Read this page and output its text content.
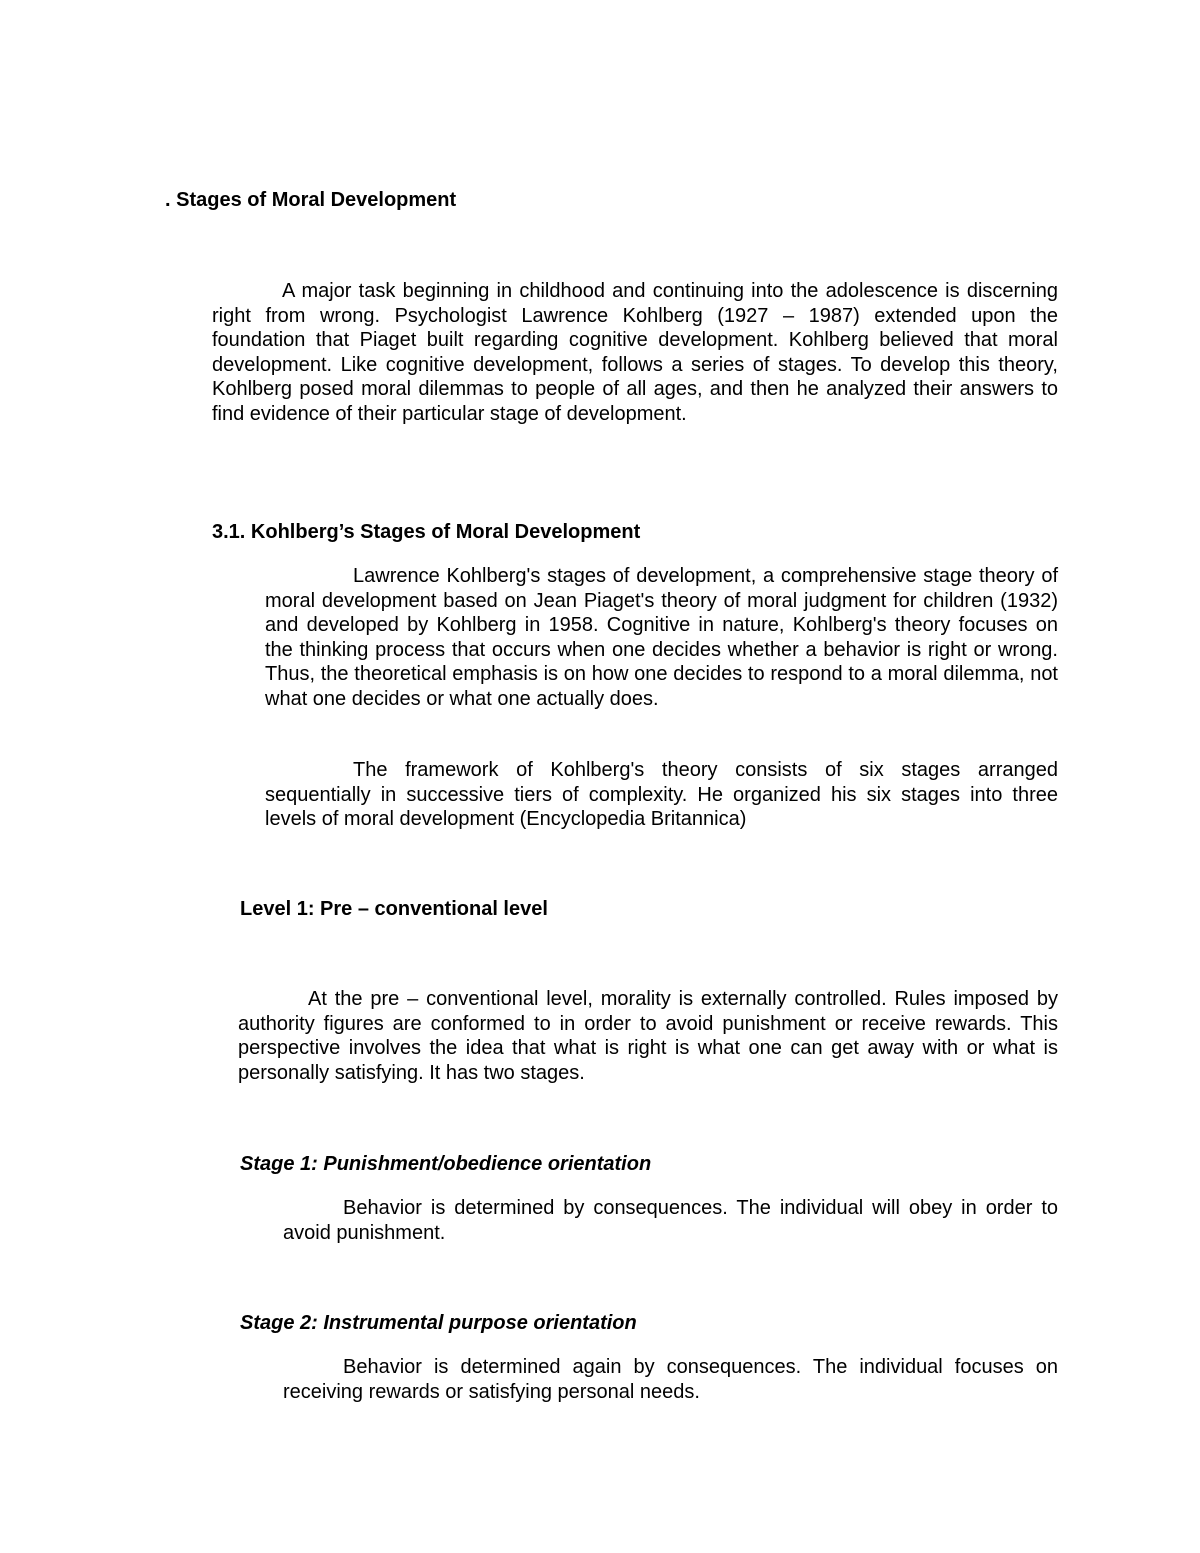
. Stages of Moral Development

A major task beginning in childhood and continuing into the adolescence is discerning right from wrong. Psychologist Lawrence Kohlberg (1927 – 1987) extended upon the foundation that Piaget built regarding cognitive development. Kohlberg believed that moral development. Like cognitive development, follows a series of stages. To develop this theory, Kohlberg posed moral dilemmas to people of all ages, and then he analyzed their answers to find evidence of their particular stage of development.

3.1. Kohlberg’s Stages of Moral Development

Lawrence Kohlberg's stages of development, a comprehensive stage theory of moral development based on Jean Piaget's theory of moral judgment for children (1932) and developed by Kohlberg in 1958. Cognitive in nature, Kohlberg's theory focuses on the thinking process that occurs when one decides whether a behavior is right or wrong. Thus, the theoretical emphasis is on how one decides to respond to a moral dilemma, not what one decides or what one actually does.

The framework of Kohlberg's theory consists of six stages arranged sequentially in successive tiers of complexity. He organized his six stages into three levels of moral development (Encyclopedia Britannica)

Level 1: Pre – conventional level

At the pre – conventional level, morality is externally controlled. Rules imposed by authority figures are conformed to in order to avoid punishment or receive rewards. This perspective involves the idea that what is right is what one can get away with or what is personally satisfying. It has two stages.

Stage 1: Punishment/obedience orientation

Behavior is determined by consequences. The individual will obey in order to avoid punishment.

Stage 2: Instrumental purpose orientation

Behavior is determined again by consequences. The individual focuses on receiving rewards or satisfying personal needs.
